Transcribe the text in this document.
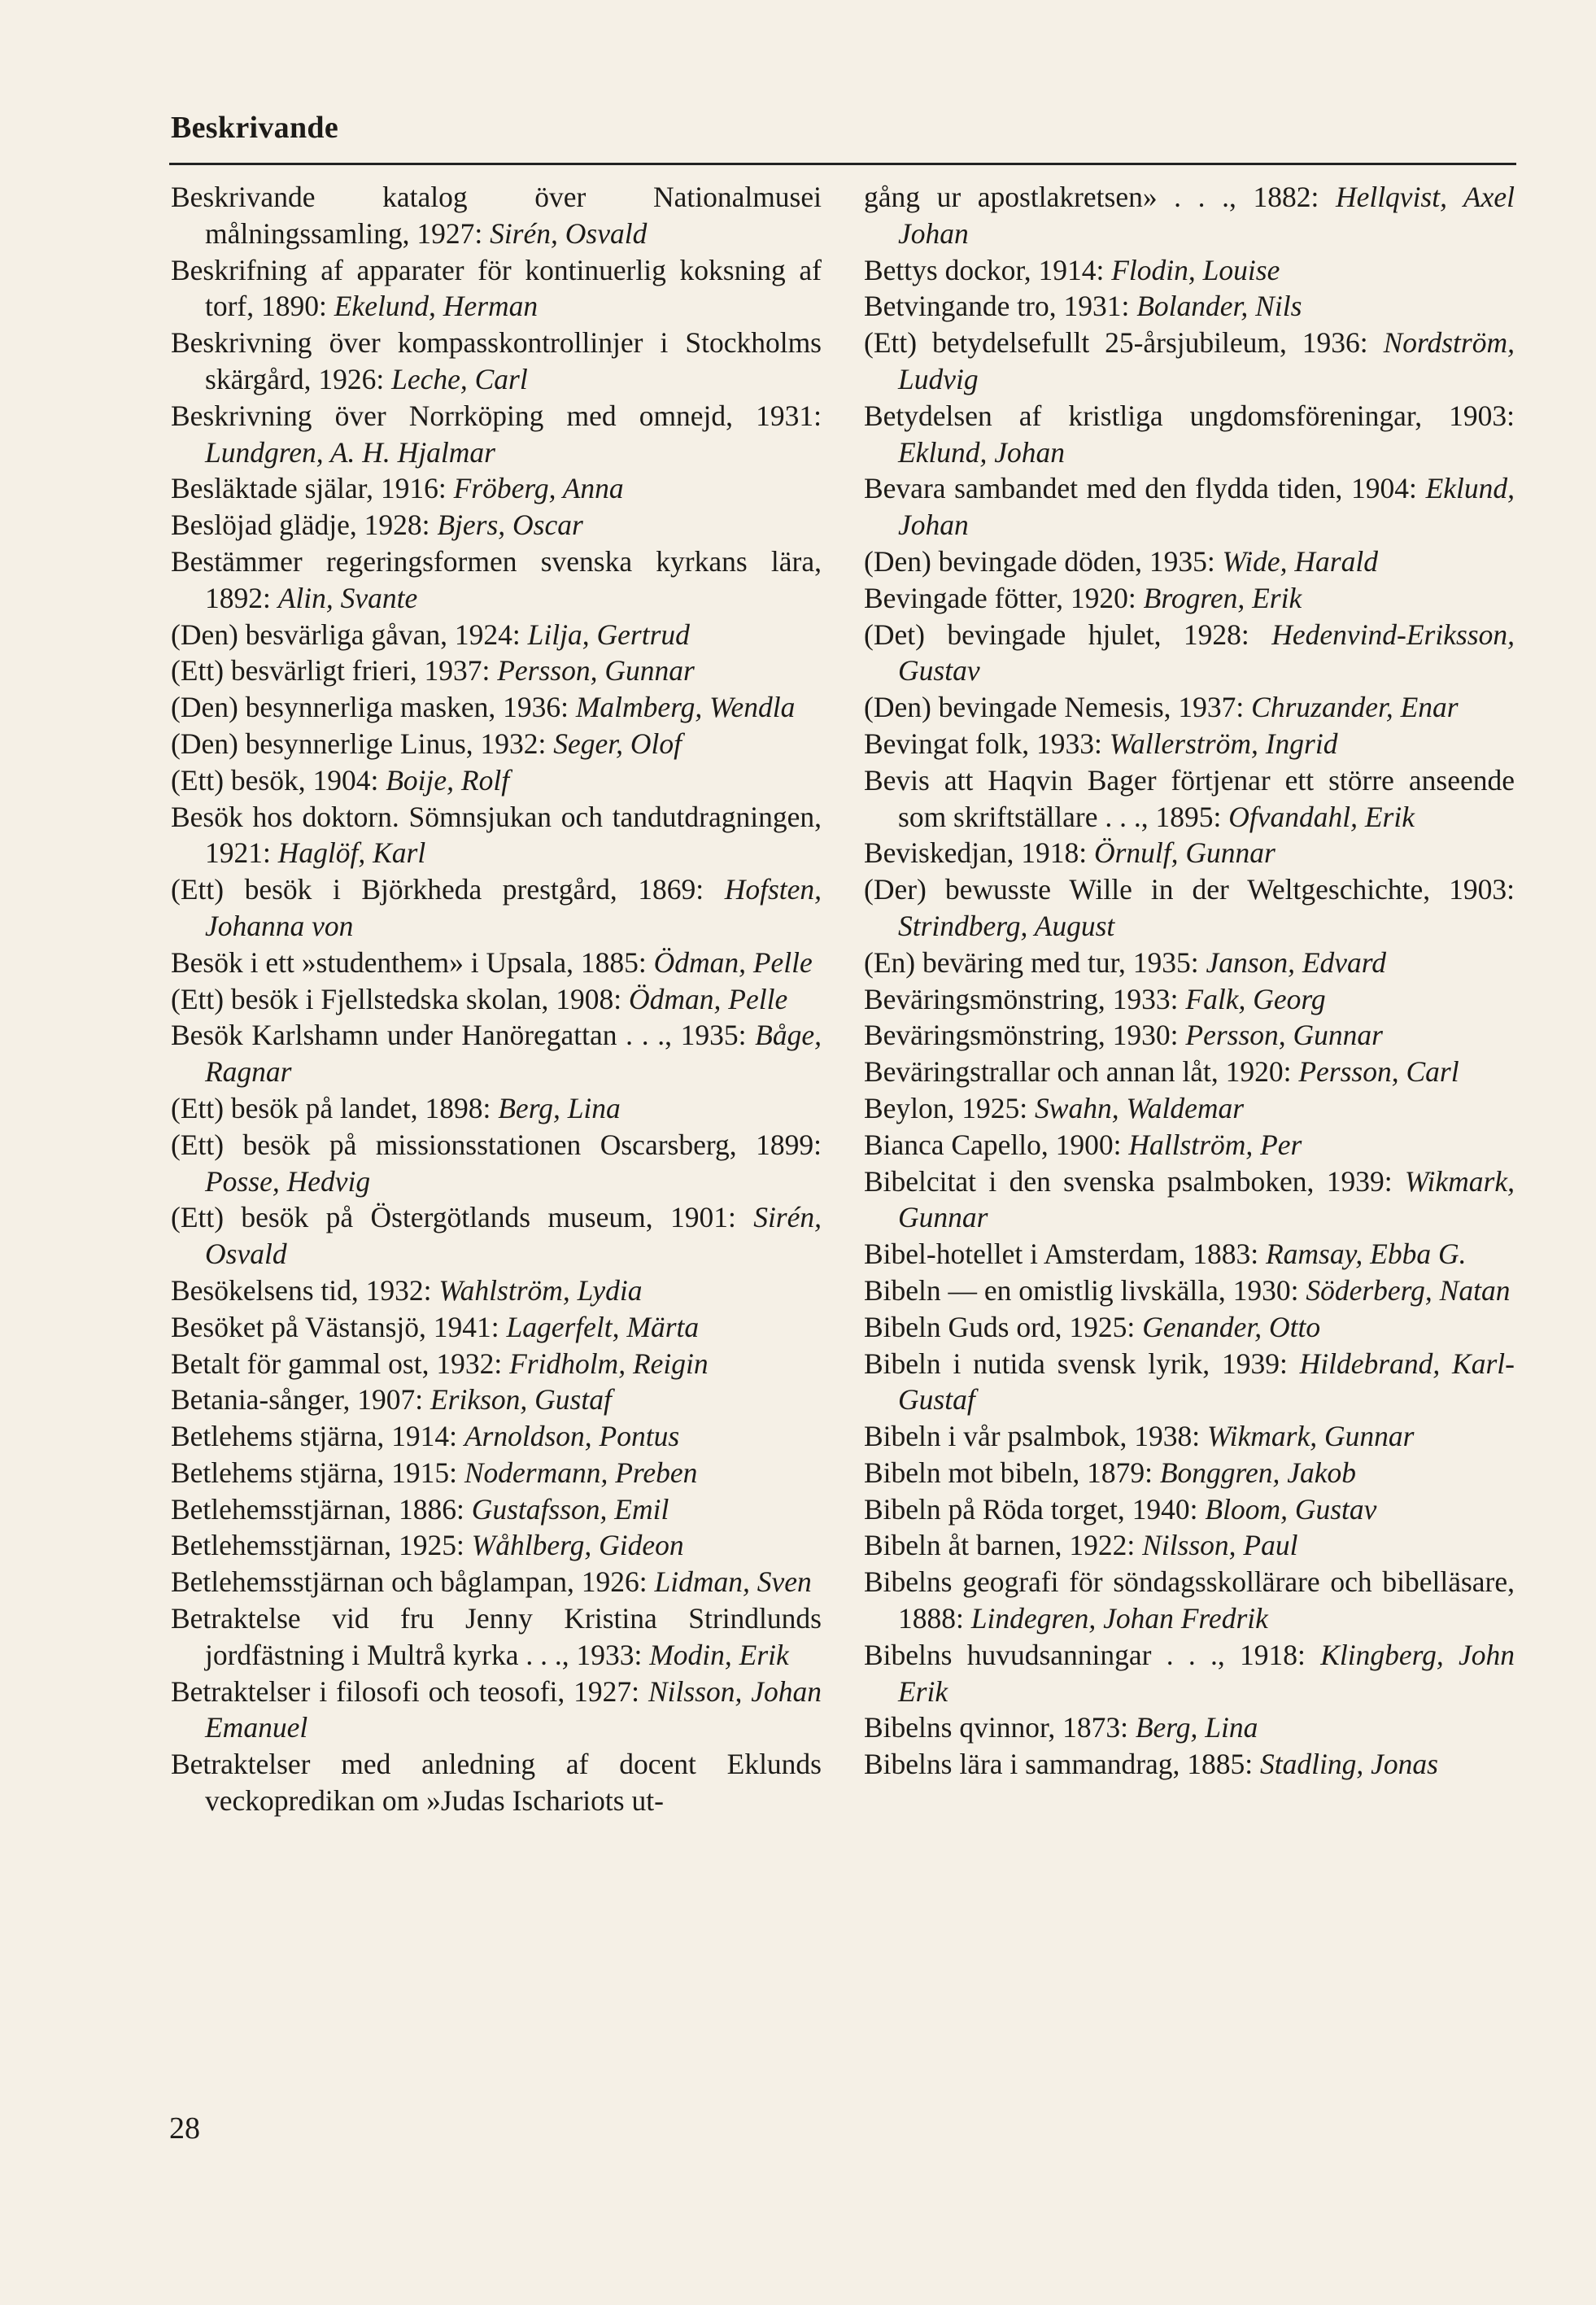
Beskrivande

Beskrivande katalog över Nationalmusei målningssamling, 1927: Sirén, Osvald

Beskrifning af apparater för kontinuerlig koksning af torf, 1890: Ekelund, Herman

Beskrivning över kompasskontrollinjer i Stockholms skärgård, 1926: Leche, Carl

Beskrivning över Norrköping med omnejd, 1931: Lundgren, A. H. Hjalmar

Besläktade själar, 1916: Fröberg, Anna

Beslöjad glädje, 1928: Bjers, Oscar

Bestämmer regeringsformen svenska kyrkans lära, 1892: Alin, Svante

(Den) besvärliga gåvan, 1924: Lilja, Gertrud

(Ett) besvärligt frieri, 1937: Persson, Gunnar

(Den) besynnerliga masken, 1936: Malmberg, Wendla

(Den) besynnerlige Linus, 1932: Seger, Olof

(Ett) besök, 1904: Boije, Rolf

Besök hos doktorn. Sömnsjukan och tandutdragningen, 1921: Haglöf, Karl

(Ett) besök i Björkheda prestgård, 1869: Hofsten, Johanna von

Besök i ett »studenthem» i Upsala, 1885: Ödman, Pelle

(Ett) besök i Fjellstedska skolan, 1908: Ödman, Pelle

Besök Karlshamn under Hanöregattan . . ., 1935: Båge, Ragnar

(Ett) besök på landet, 1898: Berg, Lina

(Ett) besök på missionsstationen Oscarsberg, 1899: Posse, Hedvig

(Ett) besök på Östergötlands museum, 1901: Sirén, Osvald

Besökelsens tid, 1932: Wahlström, Lydia

Besöket på Västansjö, 1941: Lagerfelt, Märta

Betalt för gammal ost, 1932: Fridholm, Reigin

Betania-sånger, 1907: Erikson, Gustaf

Betlehems stjärna, 1914: Arnoldson, Pontus

Betlehems stjärna, 1915: Nodermann, Preben

Betlehemsstjärnan, 1886: Gustafsson, Emil

Betlehemsstjärnan, 1925: Wåhlberg, Gideon

Betlehemsstjärnan och båglampan, 1926: Lidman, Sven

Betraktelse vid fru Jenny Kristina Strindlunds jordfästning i Multrå kyrka . . ., 1933: Modin, Erik

Betraktelser i filosofi och teosofi, 1927: Nilsson, Johan Emanuel

Betraktelser med anledning af docent Eklunds veckopredikan om »Judas Ischariots ut-

gång ur apostlakretsen» . . ., 1882: Hellqvist, Axel Johan

Bettys dockor, 1914: Flodin, Louise

Betvingande tro, 1931: Bolander, Nils

(Ett) betydelsefullt 25-årsjubileum, 1936: Nordström, Ludvig

Betydelsen af kristliga ungdomsföreningar, 1903: Eklund, Johan

Bevara sambandet med den flydda tiden, 1904: Eklund, Johan

(Den) bevingade döden, 1935: Wide, Harald

Bevingade fötter, 1920: Brogren, Erik

(Det) bevingade hjulet, 1928: Hedenvind-Eriksson, Gustav

(Den) bevingade Nemesis, 1937: Chruzander, Enar

Bevingat folk, 1933: Wallerström, Ingrid

Bevis att Haqvin Bager förtjenar ett större anseende som skriftställare . . ., 1895: Ofvandahl, Erik

Beviskedjan, 1918: Örnulf, Gunnar

(Der) bewusste Wille in der Weltgeschichte, 1903: Strindberg, August

(En) beväring med tur, 1935: Janson, Edvard

Beväringsmönstring, 1933: Falk, Georg

Beväringsmönstring, 1930: Persson, Gunnar

Beväringstrallar och annan låt, 1920: Persson, Carl

Beylon, 1925: Swahn, Waldemar

Bianca Capello, 1900: Hallström, Per

Bibelcitat i den svenska psalmboken, 1939: Wikmark, Gunnar

Bibel-hotellet i Amsterdam, 1883: Ramsay, Ebba G.

Bibeln — en omistlig livskälla, 1930: Söderberg, Natan

Bibeln Guds ord, 1925: Genander, Otto

Bibeln i nutida svensk lyrik, 1939: Hildebrand, Karl-Gustaf

Bibeln i vår psalmbok, 1938: Wikmark, Gunnar

Bibeln mot bibeln, 1879: Bonggren, Jakob

Bibeln på Röda torget, 1940: Bloom, Gustav

Bibeln åt barnen, 1922: Nilsson, Paul

Bibelns geografi för söndagsskollärare och bibelläsare, 1888: Lindegren, Johan Fredrik

Bibelns huvudsanningar . . ., 1918: Klingberg, John Erik

Bibelns qvinnor, 1873: Berg, Lina

Bibelns lära i sammandrag, 1885: Stadling, Jonas

28
